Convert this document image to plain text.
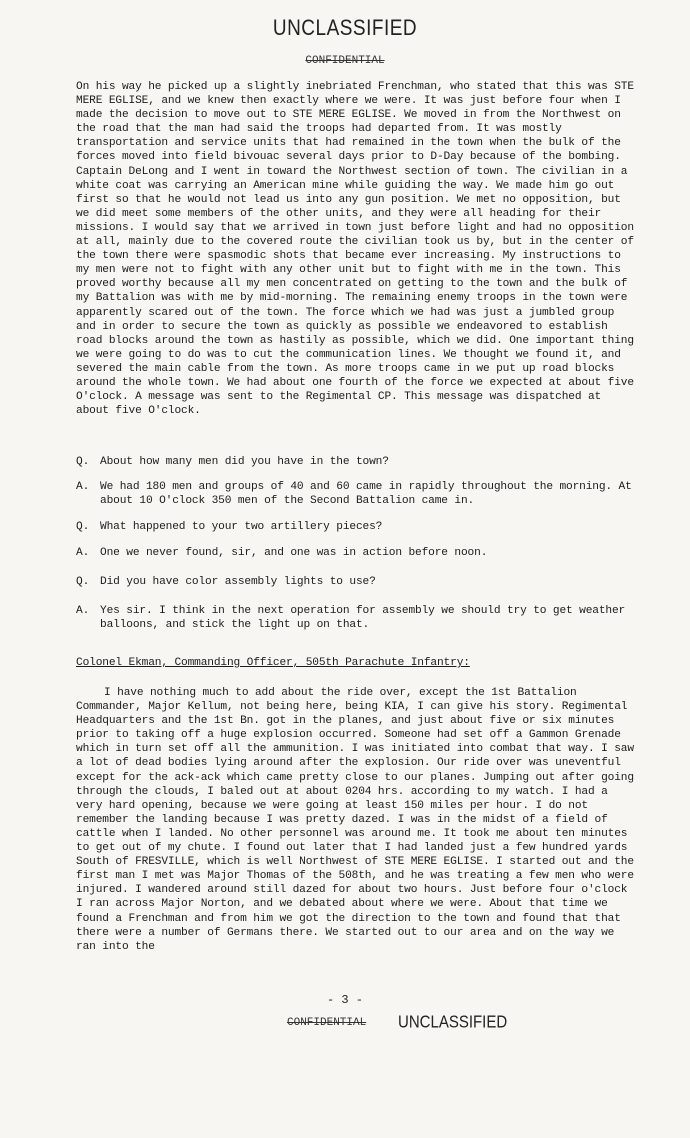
UNCLASSIFIED
CONFIDENTIAL
On his way he picked up a slightly inebriated Frenchman, who stated that this was STE MERE EGLISE, and we knew then exactly where we were. It was just before four when I made the decision to move out to STE MERE EGLISE. We moved in from the Northwest on the road that the man had said the troops had departed from. It was mostly transportation and service units that had remained in the town when the bulk of the forces moved into field bivouac several days prior to D-Day because of the bombing. Captain DeLong and I went in toward the Northwest section of town. The civilian in a white coat was carrying an American mine while guiding the way. We made him go out first so that he would not lead us into any gun position. We met no opposition, but we did meet some members of the other units, and they were all heading for their missions. I would say that we arrived in town just before light and had no opposition at all, mainly due to the covered route the civilian took us by, but in the center of the town there were spasmodic shots that became ever increasing. My instructions to my men were not to fight with any other unit but to fight with me in the town. This proved worthy because all my men concentrated on getting to the town and the bulk of my Battalion was with me by mid-morning. The remaining enemy troops in the town were apparently scared out of the town. The force which we had was just a jumbled group and in order to secure the town as quickly as possible we endeavored to establish road blocks around the town as hastily as possible, which we did. One important thing we were going to do was to cut the communication lines. We thought we found it, and severed the main cable from the town. As more troops came in we put up road blocks around the whole town. We had about one fourth of the force we expected at about five O'clock. A message was sent to the Regimental CP. This message was dispatched at about five O'clock.
Q. About how many men did you have in the town?
A. We had 180 men and groups of 40 and 60 came in rapidly throughout the morning. At about 10 O'clock 350 men of the Second Battalion came in.
Q. What happened to your two artillery pieces?
A. One we never found, sir, and one was in action before noon.
Q. Did you have color assembly lights to use?
A. Yes sir. I think in the next operation for assembly we should try to get weather balloons, and stick the light up on that.
Colonel Ekman, Commanding Officer, 505th Parachute Infantry:
I have nothing much to add about the ride over, except the 1st Battalion Commander, Major Kellum, not being here, being KIA, I can give his story. Regimental Headquarters and the 1st Bn. got in the planes, and just about five or six minutes prior to taking off a huge explosion occurred. Someone had set off a Gammon Grenade which in turn set off all the ammunition. I was initiated into combat that way. I saw a lot of dead bodies lying around after the explosion. Our ride over was uneventful except for the ack-ack which came pretty close to our planes. Jumping out after going through the clouds, I baled out at about 0204 hrs. according to my watch. I had a very hard opening, because we were going at least 150 miles per hour. I do not remember the landing because I was pretty dazed. I was in the midst of a field of cattle when I landed. No other personnel was around me. It took me about ten minutes to get out of my chute. I found out later that I had landed just a few hundred yards South of FRESVILLE, which is well Northwest of STE MERE EGLISE. I started out and the first man I met was Major Thomas of the 508th, and he was treating a few men who were injured. I wandered around still dazed for about two hours. Just before four o'clock I ran across Major Norton, and we debated about where we were. About that time we found a Frenchman and from him we got the direction to the town and found that that there were a number of Germans there. We started out to our area and on the way we ran into the
- 3 -
CONFIDENTIAL UNCLASSIFIED
